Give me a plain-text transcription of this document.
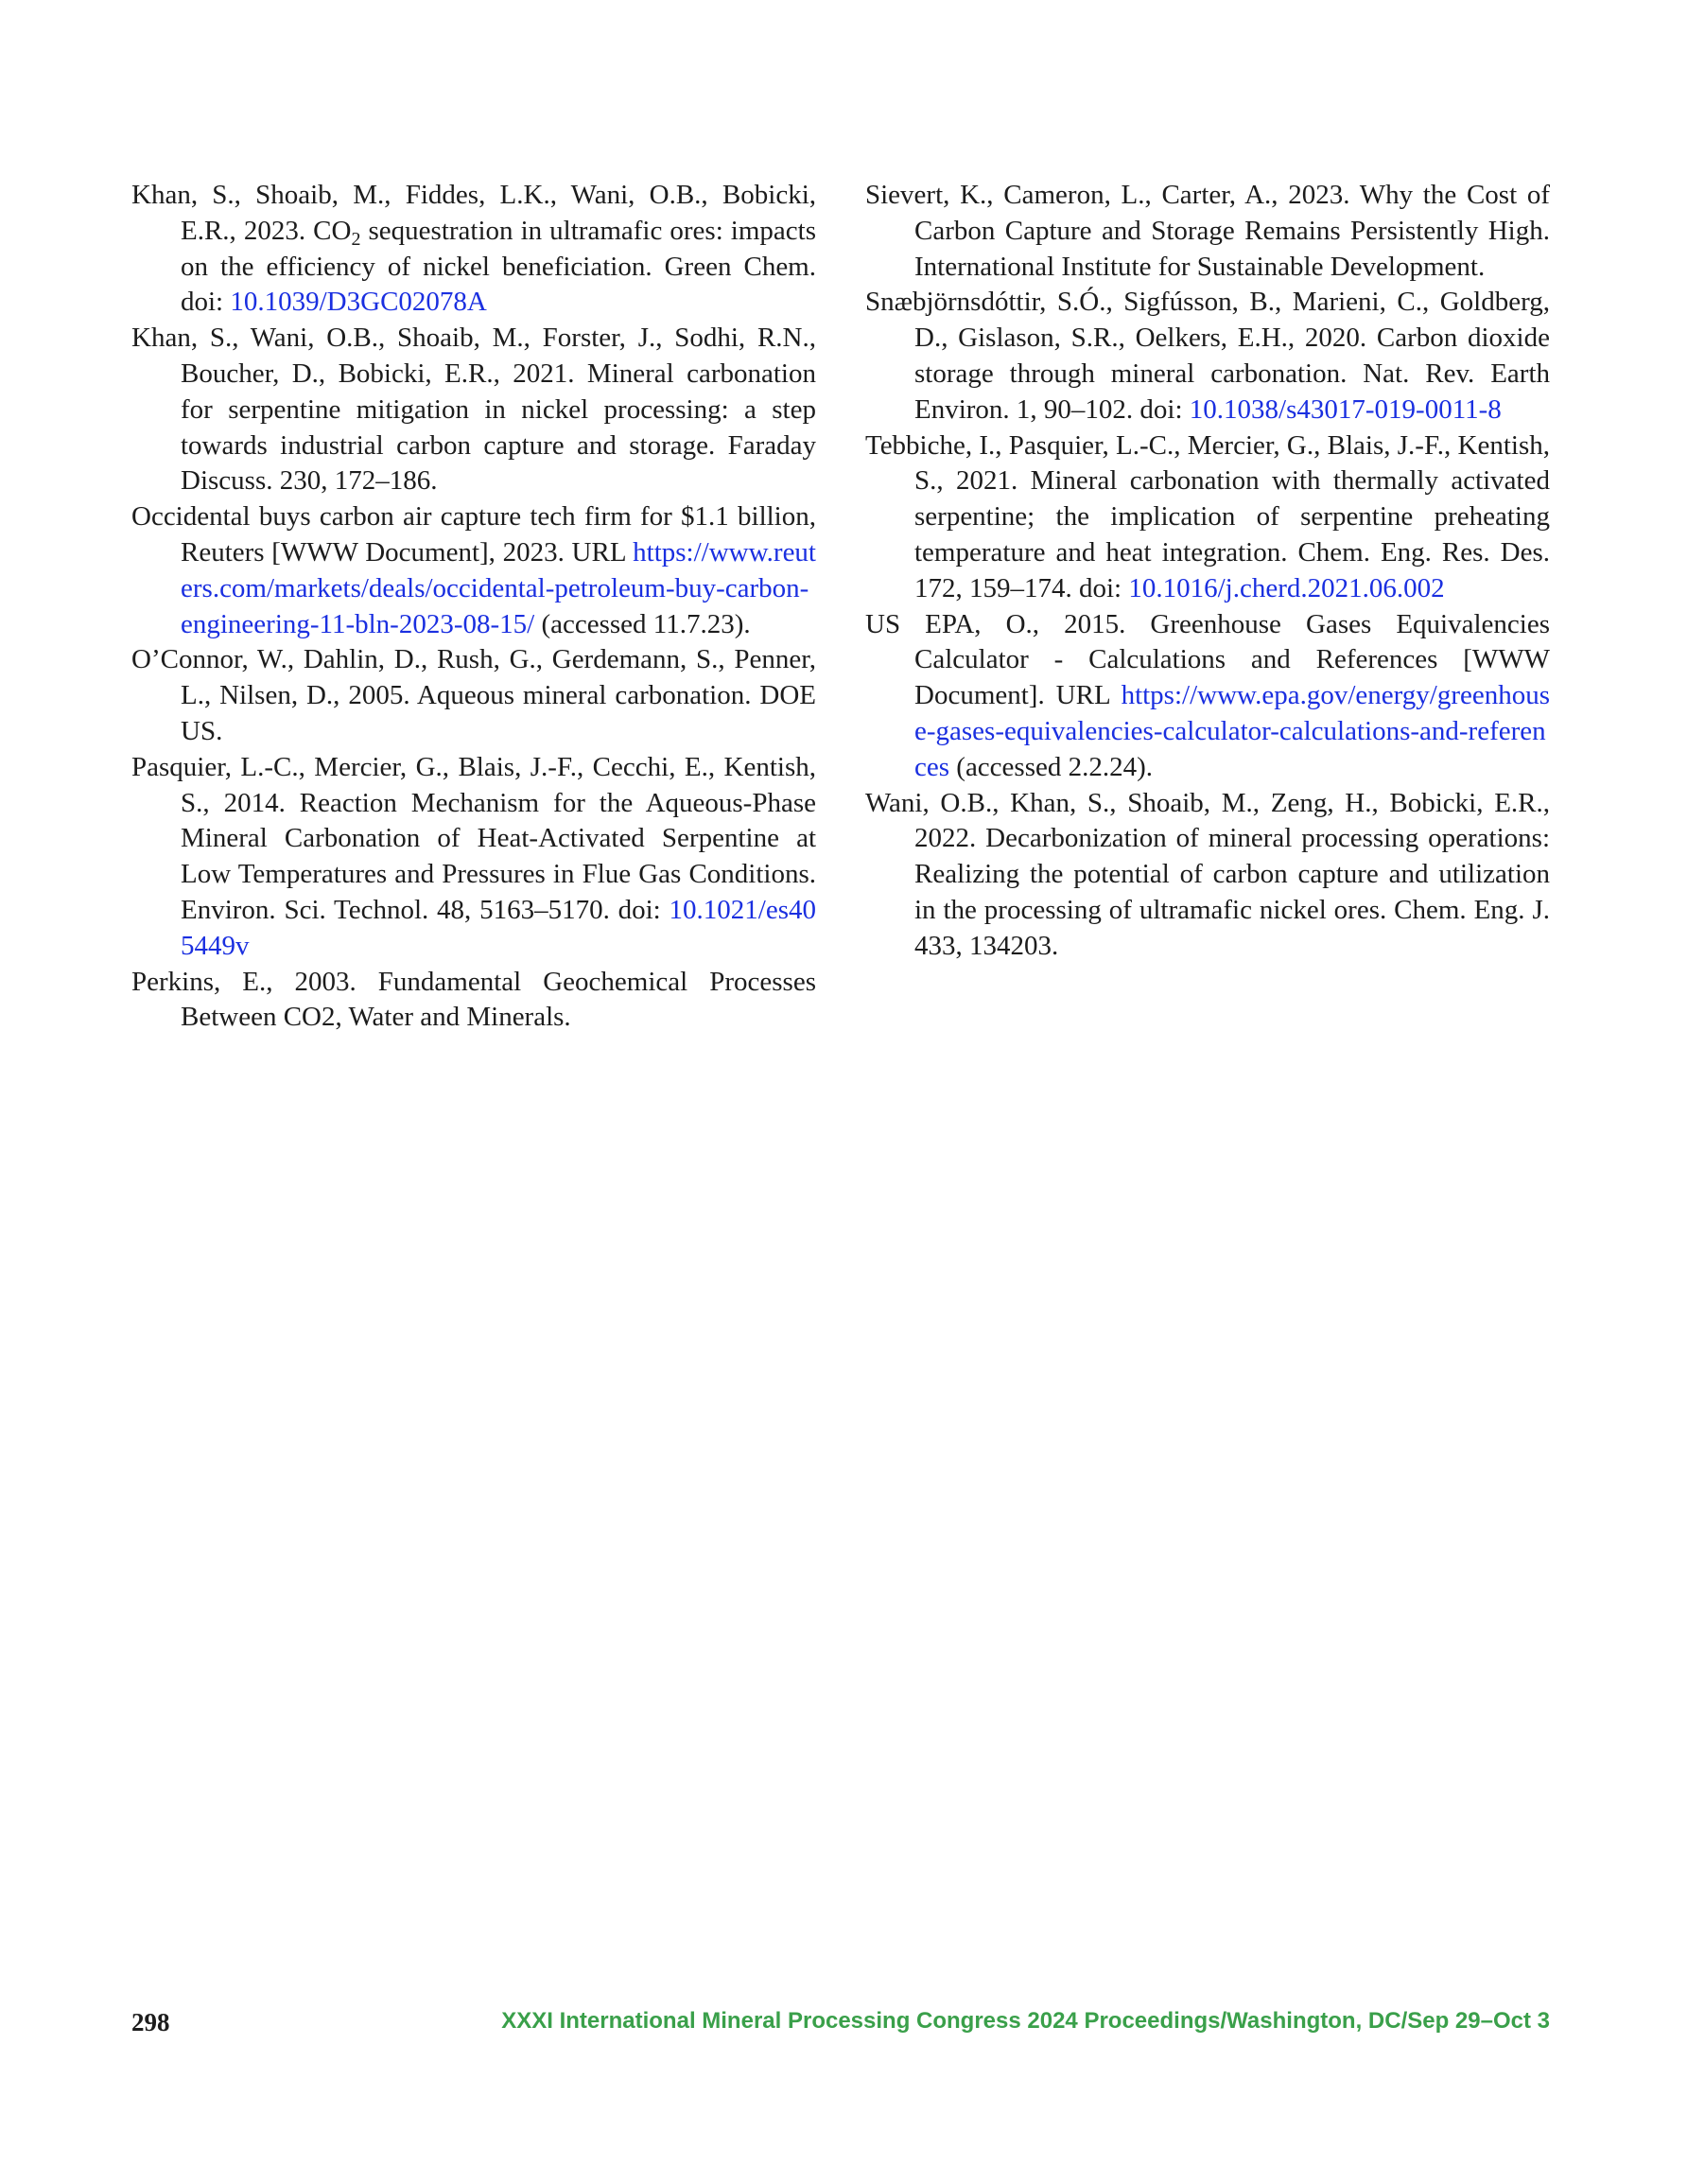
Khan, S., Shoaib, M., Fiddes, L.K., Wani, O.B., Bobicki, E.R., 2023. $CO_2$ sequestration in ultramafic ores: impacts on the efficiency of nickel beneficiation. Green Chem. doi: 10.1039/D3GC02078A

Khan, S., Wani, O.B., Shoaib, M., Forster, J., Sodhi, R.N., Boucher, D., Bobicki, E.R., 2021. Mineral carbonation for serpentine mitigation in nickel processing: a step towards industrial carbon capture and storage. Faraday Discuss. 230, 172–186.

Occidental buys carbon air capture tech firm for $1.1 billion, Reuters [WWW Document], 2023. URL https://www.reuters.com/markets/deals/occidental-petroleum-buy-carbon-engineering-11-bln-2023-08-15/ (accessed 11.7.23).

O’Connor, W., Dahlin, D., Rush, G., Gerdemann, S., Penner, L., Nilsen, D., 2005. Aqueous mineral carbonation. DOE US.

Pasquier, L.-C., Mercier, G., Blais, J.-F., Cecchi, E., Kentish, S., 2014. Reaction Mechanism for the Aqueous-Phase Mineral Carbonation of Heat-Activated Serpentine at Low Temperatures and Pressures in Flue Gas Conditions. Environ. Sci. Technol. 48, 5163–5170. doi: 10.1021/es405449v

Perkins, E., 2003. Fundamental Geochemical Processes Between CO2, Water and Minerals.

Sievert, K., Cameron, L., Carter, A., 2023. Why the Cost of Carbon Capture and Storage Remains Persistently High. International Institute for Sustainable Development.

Snæbjörnsdóttir, S.Ó., Sigfússon, B., Marieni, C., Goldberg, D., Gislason, S.R., Oelkers, E.H., 2020. Carbon dioxide storage through mineral carbonation. Nat. Rev. Earth Environ. 1, 90–102. doi: 10.1038/s43017-019-0011-8

Tebbiche, I., Pasquier, L.-C., Mercier, G., Blais, J.-F., Kentish, S., 2021. Mineral carbonation with thermally activated serpentine; the implication of serpentine preheating temperature and heat integration. Chem. Eng. Res. Des. 172, 159–174. doi: 10.1016/j.cherd.2021.06.002

US EPA, O., 2015. Greenhouse Gases Equivalencies Calculator - Calculations and References [WWW Document]. URL https://www.epa.gov/energy/greenhouse-gases-equivalencies-calculator-calculations-and-references (accessed 2.2.24).

Wani, O.B., Khan, S., Shoaib, M., Zeng, H., Bobicki, E.R., 2022. Decarbonization of mineral processing operations: Realizing the potential of carbon capture and utilization in the processing of ultramafic nickel ores. Chem. Eng. J. 433, 134203.

298	XXXI International Mineral Processing Congress 2024 Proceedings/Washington, DC/Sep 29–Oct 3
